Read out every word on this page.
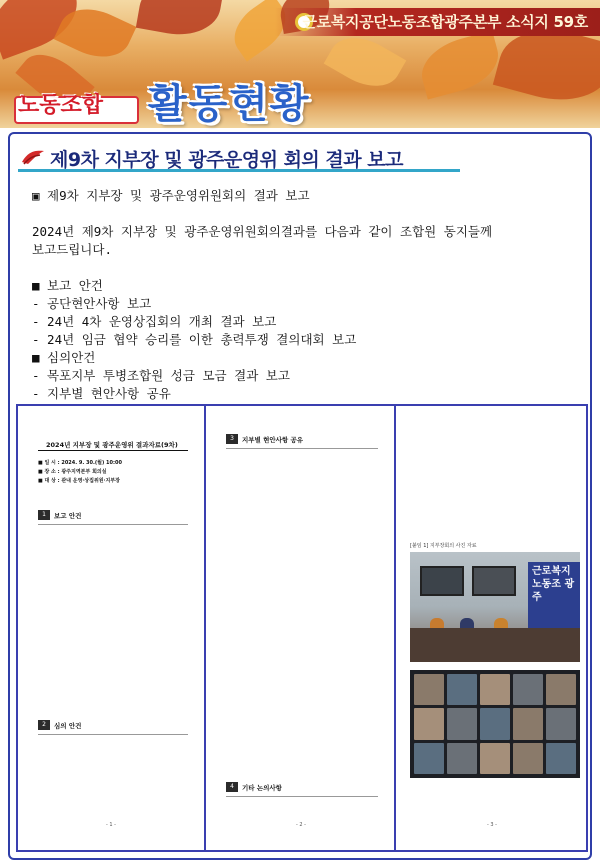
근로복지공단노동조합광주본부 소식지 59호
노동조합 활동현황
제9차 지부장 및 광주운영위 회의 결과 보고
▣ 제9차 지부장 및 광주운영위원회의 결과 보고
2024년 제9차 지부장 및 광주운영위원회의결과를 다음과 같이 조합원 동지들께
보고드립니다.
■ 보고 안건
- 공단현안사항 보고
- 24년 4차 운영상집회의 개최 결과 보고
- 24년 임금 협약 승리를 이한 총력투쟁 결의대회 보고
■ 심의안건
- 목포지부 투병조합원 성금 모금 결과 보고
- 지부별 현안사항 공유
2024년 지부장 및 광주운영위 결과자료(9차)
■ 일 시 : 2024. 9. 30.(월) 10:00
■ 장 소 : 광주지역본부 회의실
■ 대 상 : 관내 운영·상집위원·지부장
1	보고 안건
2	심의 안건
- 1 -
3	지부별 현안사항 공유
4	기타 논의사항
- 2 -
[붙임 1] 지부장회의 사진 자료
근로복지 노동조 광주
- 3 -
